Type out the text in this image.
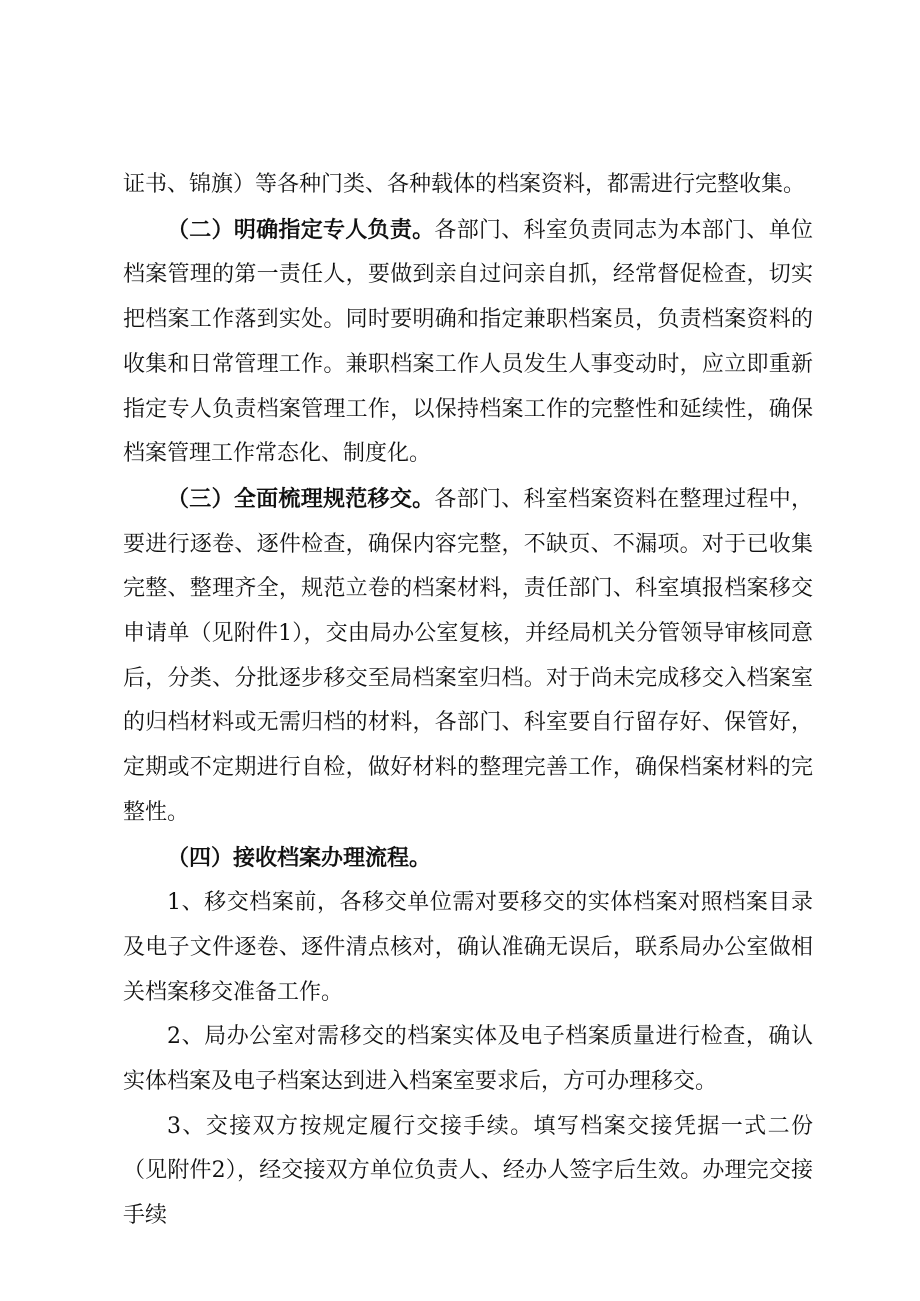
证书、锦旗）等各种门类、各种载体的档案资料，都需进行完整收集。

（二）明确指定专人负责。各部门、科室负责同志为本部门、单位档案管理的第一责任人，要做到亲自过问亲自抓，经常督促检查，切实把档案工作落到实处。同时要明确和指定兼职档案员，负责档案资料的收集和日常管理工作。兼职档案工作人员发生人事变动时，应立即重新指定专人负责档案管理工作，以保持档案工作的完整性和延续性，确保档案管理工作常态化、制度化。

（三）全面梳理规范移交。各部门、科室档案资料在整理过程中，要进行逐卷、逐件检查，确保内容完整，不缺页、不漏项。对于已收集完整、整理齐全，规范立卷的档案材料，责任部门、科室填报档案移交申请单（见附件1），交由局办公室复核，并经局机关分管领导审核同意后，分类、分批逐步移交至局档案室归档。对于尚未完成移交入档案室的归档材料或无需归档的材料，各部门、科室要自行留存好、保管好，定期或不定期进行自检，做好材料的整理完善工作，确保档案材料的完整性。

（四）接收档案办理流程。

1、移交档案前，各移交单位需对要移交的实体档案对照档案目录及电子文件逐卷、逐件清点核对，确认准确无误后，联系局办公室做相关档案移交准备工作。

2、局办公室对需移交的档案实体及电子档案质量进行检查，确认实体档案及电子档案达到进入档案室要求后，方可办理移交。

3、交接双方按规定履行交接手续。填写档案交接凭据一式二份（见附件2），经交接双方单位负责人、经办人签字后生效。办理完交接手续
